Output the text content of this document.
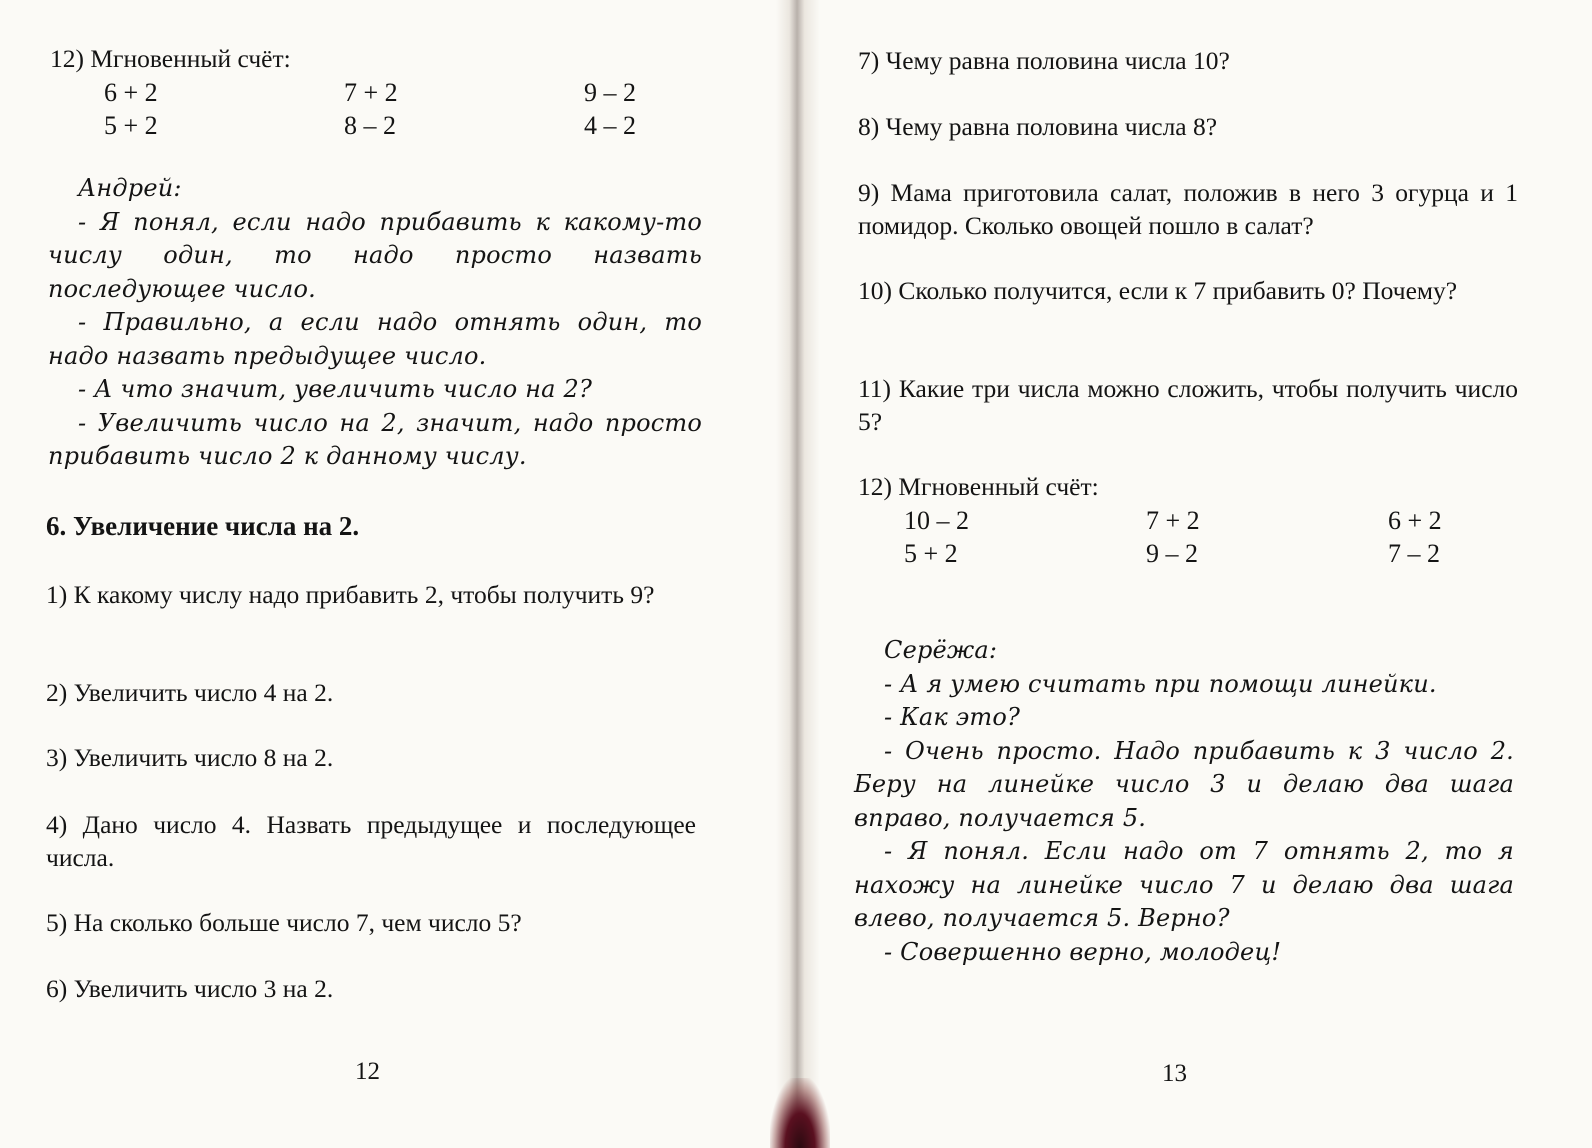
12) Мгновенный счёт:
6 + 2	7 + 2	9 – 2
5 + 2	8 – 2	4 – 2

Андрей:

- Я понял, если надо прибавить к какому-то числу один, то надо просто назвать последующее число.

- Правильно, а если надо отнять один, то надо назвать предыдущее число.

- А что значит, увеличить число на 2?

- Увеличить число на 2, значит, надо просто прибавить число 2 к данному числу.

6. Увеличение числа на 2.
1) К какому числу надо прибавить 2, чтобы получить 9?
2) Увеличить число 4 на 2.
3) Увеличить число 8 на 2.
4) Дано число 4. Назвать предыдущее и последующее числа.
5) На сколько больше число 7, чем число 5?
6) Увеличить число 3 на 2.
12
7) Чему равна половина числа 10?
8) Чему равна половина числа 8?
9) Мама приготовила салат, положив в него 3 огурца и 1 помидор. Сколько овощей пошло в салат?
10) Сколько получится, если к 7 прибавить 0? Почему?
11) Какие три числа можно сложить, чтобы получить число 5?
12) Мгновенный счёт:
10 – 2	7 + 2	6 + 2
5 + 2	9 – 2	7 – 2

Серёжа:

- А я умею считать при помощи линейки.

- Как это?

- Очень просто. Надо прибавить к 3 число 2. Беру на линейке число 3 и делаю два шага вправо, получается 5.

- Я понял. Если надо от 7 отнять 2, то я нахожу на линейке число 7 и делаю два шага влево, получается 5. Верно?

- Совершенно верно, молодец!

13
